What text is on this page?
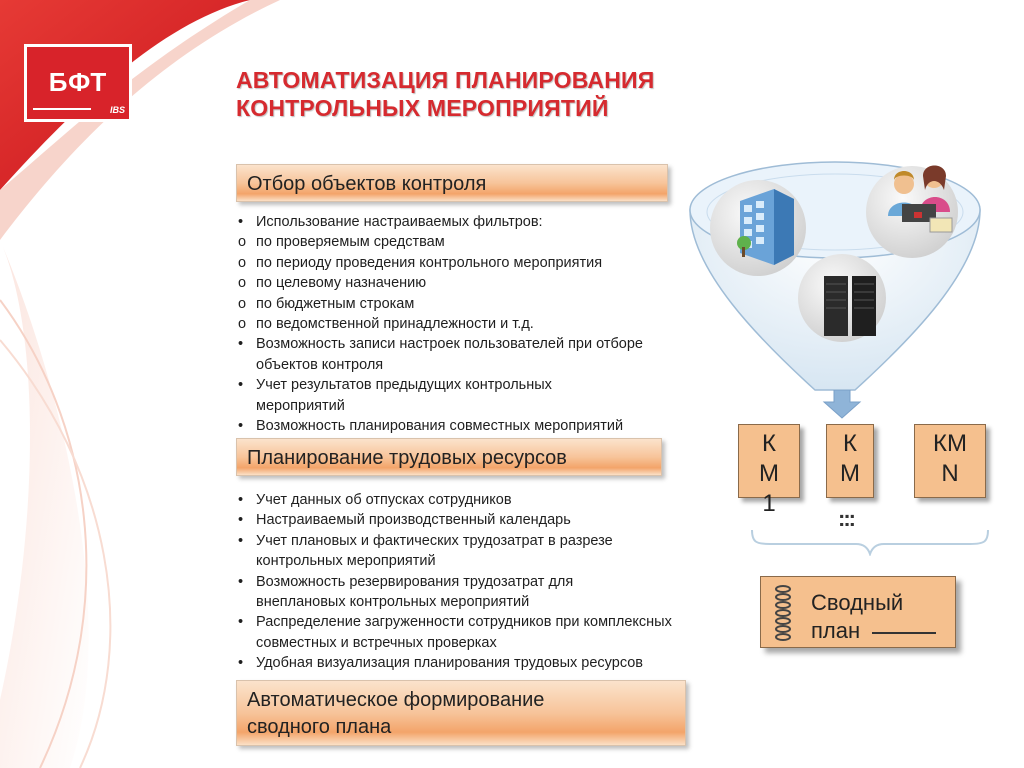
БФТ
IBS
АВТОМАТИЗАЦИЯ ПЛАНИРОВАНИЯ
КОНТРОЛЬНЫХ МЕРОПРИЯТИЙ
Отбор объектов контроля
• Использование настраиваемых фильтров:
o по проверяемым средствам
o по периоду проведения контрольного мероприятия
o по целевому назначению
o по бюджетным строкам
o по ведомственной принадлежности и т.д.
• Возможность записи настроек пользователей при отборе объектов контроля
• Учет результатов предыдущих контрольных мероприятий
• Возможность планирования совместных мероприятий
Планирование трудовых ресурсов
• Учет данных об отпусках сотрудников
• Настраиваемый производственный календарь
• Учет плановых и фактических трудозатрат в разрезе контрольных мероприятий
• Возможность резервирования трудозатрат для внеплановых контрольных мероприятий
• Распределение загруженности сотрудников при комплексных совместных и встречных проверках
• Удобная визуализация планирования трудовых ресурсов
Автоматическое формирование
сводного плана
К
М
1
К
М
КМ
N
:::
Сводный
план
